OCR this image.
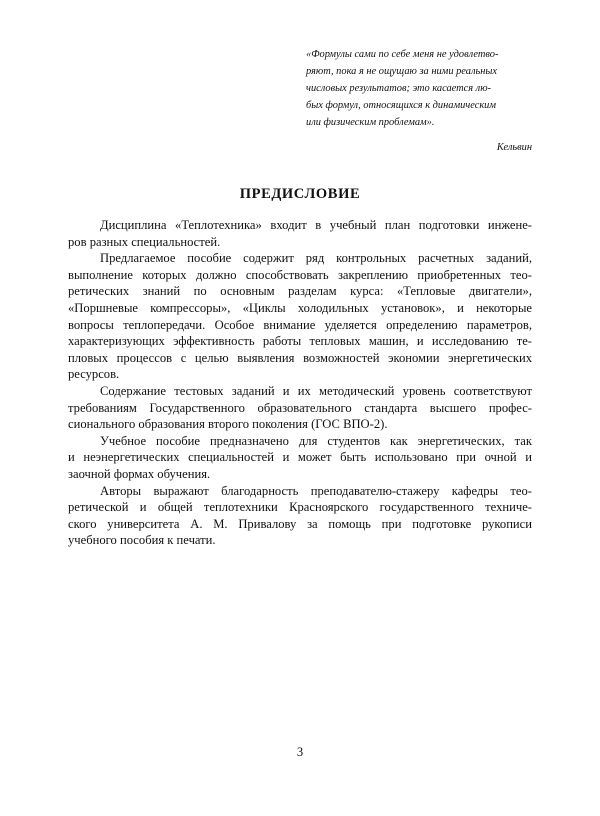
«Формулы сами по себе меня не удовлетво-
ряют, пока я не ощущаю за ними реальных
числовых результатов; это касается лю-
бых формул, относящихся к динамическим
или физическим проблемам».
Кельвин
ПРЕДИСЛОВИЕ

Дисциплина «Теплотехника» входит в учебный план подготовки инжене-
ров разных специальностей.

Предлагаемое пособие содержит ряд контрольных расчетных заданий,
выполнение которых должно способствовать закреплению приобретенных тео-
ретических знаний по основным разделам курса: «Тепловые двигатели»,
«Поршневые компрессоры», «Циклы холодильных установок», и некоторые
вопросы теплопередачи. Особое внимание уделяется определению параметров,
характеризующих эффективность работы тепловых машин, и исследованию те-
пловых процессов с целью выявления возможностей экономии энергетических
ресурсов.

Содержание тестовых заданий и их методический уровень соответствуют
требованиям Государственного образовательного стандарта высшего профес-
сионального образования второго поколения (ГОС ВПО-2).

Учебное пособие предназначено для студентов как энергетических, так
и неэнергетических специальностей и может быть использовано при очной и
заочной формах обучения.

Авторы выражают благодарность преподавателю-стажеру кафедры тео-
ретической и общей теплотехники Красноярского государственного техниче-
ского университета А. М. Привалову за помощь при подготовке рукописи
учебного пособия к печати.

3
